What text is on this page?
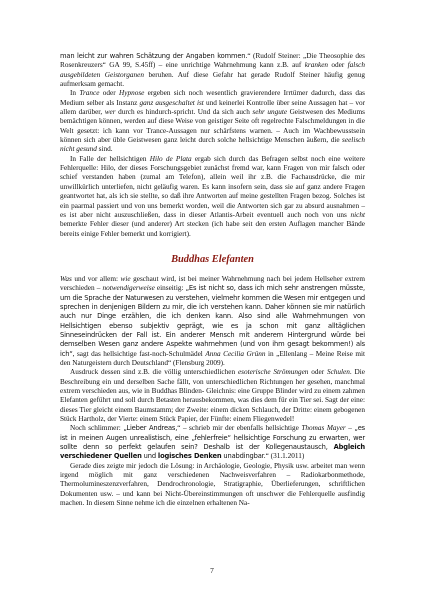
man leicht zur wahren Schätzung der Angaben kommen.“ (Rudolf Steiner: „Die Theosophie des Rosenkreuzers“ GA 99, S.45ff) – eine unrichtige Wahrnehmung kann z.B. auf kranken oder falsch ausgebildeten Geistorganen beruhen. Auf diese Gefahr hat gerade Rudolf Steiner häufig genug aufmerksam gemacht.

In Trance oder Hypnose ergeben sich noch wesentlich gravierendere Irrtümer dadurch, dass das Medium selber als Instanz ganz ausgeschaltet ist und keinerlei Kontrolle über seine Aussagen hat – vor allem darüber, wer durch es hindurch-spricht. Und da sich auch sehr ungute Geistwesen des Mediums bemächtigen können, werden auf diese Weise von geistiger Seite oft regelrechte Falschmeldungen in die Welt gesetzt: ich kann vor Trance-Aussagen nur schärfstens warnen. – Auch im Wachbewusstsein können sich aber üble Geistwesen ganz leicht durch solche hellsichtige Menschen äußern, die seelisch nicht gesund sind.

In Falle der hellsichtigen Hilo de Plata ergab sich durch das Befragen selbst noch eine weitere Fehlerquelle: Hilo, der dieses Forschungsgebiet zunächst fremd war, kann Fragen von mir falsch oder schief verstanden haben (zumal am Telefon), allein weil ihr z.B. die Fachausdrücke, die mir unwillkürlich unterliefen, nicht geläufig waren. Es kann insofern sein, dass sie auf ganz andere Fragen geantwortet hat, als ich sie stellte, so daß ihre Antworten auf meine gestellten Fragen bezog. Solches ist ein paarmal passiert und von uns bemerkt worden, weil die Antworten sich gar zu absurd ausnahmen – es ist aber nicht auszuschließen, dass in dieser Atlantis-Arbeit eventuell auch noch von uns nicht bemerkte Fehler dieser (und anderer) Art stecken (ich habe seit den ersten Auflagen mancher Bände bereits einige Fehler bemerkt und korrigiert).

Buddhas Elefanten

Was und vor allem: wie geschaut wird, ist bei meiner Wahrnehmung nach bei jedem Hellseher extrem verschieden – notwendigerweise einseitig: „Es ist nicht so, dass ich mich sehr anstrengen müsste, um die Sprache der Naturwesen zu verstehen, vielmehr kommen die Wesen mir entgegen und sprechen in denjenigen Bildern zu mir, die ich verstehen kann. Daher können sie mir natürlich auch nur Dinge erzählen, die ich denken kann. Also sind alle Wahrnehmungen von Hellsichtigen ebenso subjektiv geprägt, wie es ja schon mit ganz alltäglichen Sinneseindrücken der Fall ist. Ein anderer Mensch mit anderem Hintergrund würde bei demselben Wesen ganz andere Aspekte wahrnehmen (und von ihm gesagt bekommen!) als ich“, sagt das hellsichtige fast-noch-Schulmädel Anna Cecilia Grünn in „Ellenlang – Meine Reise mit den Naturgeistern durch Deutschland“ (Flensburg 2009).

Ausdruck dessen sind z.B. die völlig unterschiedlichen esoterische Strömungen oder Schulen. Die Beschreibung ein und derselben Sache fällt, von unterschiedlichen Richtungen her gesehen, manchmal extrem verschieden aus, wie in Buddhas Blinden- Gleichnis: eine Gruppe Blinder wird zu einem zahmen Elefanten geführt und soll durch Betasten herausbekommen, was dies dem für ein Tier sei. Sagt der eine: dieses Tier gleicht einem Baumstamm; der Zweite: einem dicken Schlauch, der Dritte: einem gebogenen Stück Hartholz, der Vierte: einem Stück Papier, der Fünfte: einem Fliegenwedel!

Noch schlimmer: „Lieber Andreas,“ – schrieb mir der ebenfalls hellsichtige Thomas Mayer – „es ist in meinen Augen unrealistisch, eine „fehlerfreie“ hellsichtige Forschung zu erwarten, wer sollte denn so perfekt gelaufen sein? Deshalb ist der Kollegenaustausch, Abgleich verschiedener Quellen und logisches Denken unabdingbar.“ (31.1.2011)

Gerade dies zeigte mir jedoch die Lösung: in Archäologie, Geologie, Physik usw. arbeitet man wenn irgend möglich mit ganz verschiedenen Nachweisverfahren – Radiokarbonmethode, Thermolumineszenzverfahren, Dendrochronologie, Stratigraphie, Überlieferungen, schriftlichen Dokumenten usw. – und kann bei Nicht-Übereinstimmungen oft unschwer die Fehlerquelle ausfindig machen. In diesem Sinne nehme ich die einzelnen erhaltenen Na-

7
